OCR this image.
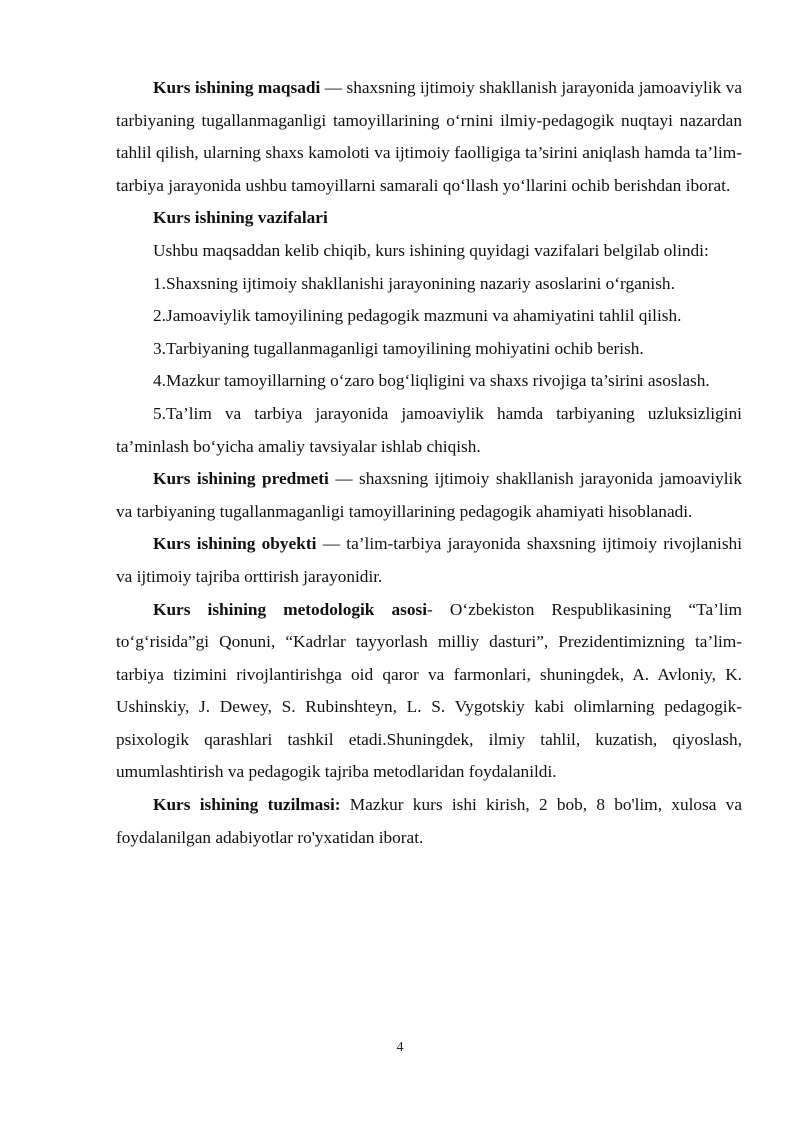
Kurs ishining maqsadi — shaxsning ijtimoiy shakllanish jarayonida jamoaviylik va tarbiyaning tugallanmaganligi tamoyillarining o‘rnini ilmiy-pedagogik nuqtayi nazardan tahlil qilish, ularning shaxs kamoloti va ijtimoiy faolligiga ta’sirini aniqlash hamda ta’lim-tarbiya jarayonida ushbu tamoyillarni samarali qo‘llash yo‘llarini ochib berishdan iborat.

Kurs ishining vazifalari

Ushbu maqsaddan kelib chiqib, kurs ishining quyidagi vazifalari belgilab olindi:

1.Shaxsning ijtimoiy shakllanishi jarayonining nazariy asoslarini o‘rganish.

2.Jamoaviylik tamoyilining pedagogik mazmuni va ahamiyatini tahlil qilish.

3.Tarbiyaning tugallanmaganligi tamoyilining mohiyatini ochib berish.

4.Mazkur tamoyillarning o‘zaro bog‘liqligini va shaxs rivojiga ta’sirini asoslash.

5.Ta’lim va tarbiya jarayonida jamoaviylik hamda tarbiyaning uzluksizligini ta’minlash bo‘yicha amaliy tavsiyalar ishlab chiqish.

Kurs ishining predmeti — shaxsning ijtimoiy shakllanish jarayonida jamoaviylik va tarbiyaning tugallanmaganligi tamoyillarining pedagogik ahamiyati hisoblanadi.

Kurs ishining obyekti — ta’lim-tarbiya jarayonida shaxsning ijtimoiy rivojlanishi va ijtimoiy tajriba orttirish jarayonidir.

Kurs ishining metodologik asosi- O‘zbekiston Respublikasining “Ta’lim to‘g‘risida”gi Qonuni, “Kadrlar tayyorlash milliy dasturi”, Prezidentimizning ta’lim-tarbiya tizimini rivojlantirishga oid qaror va farmonlari, shuningdek, A. Avloniy, K. Ushinskiy, J. Dewey, S. Rubinshteyn, L. S. Vygotskiy kabi olimlarning pedagogik-psixologik qarashlari tashkil etadi.Shuningdek, ilmiy tahlil, kuzatish, qiyoslash, umumlashtirish va pedagogik tajriba metodlaridan foydalanildi.

Kurs ishining tuzilmasi: Mazkur kurs ishi kirish, 2 bob, 8 bo'lim, xulosa va foydalanilgan adabiyotlar ro'yxatidan iborat.

4
